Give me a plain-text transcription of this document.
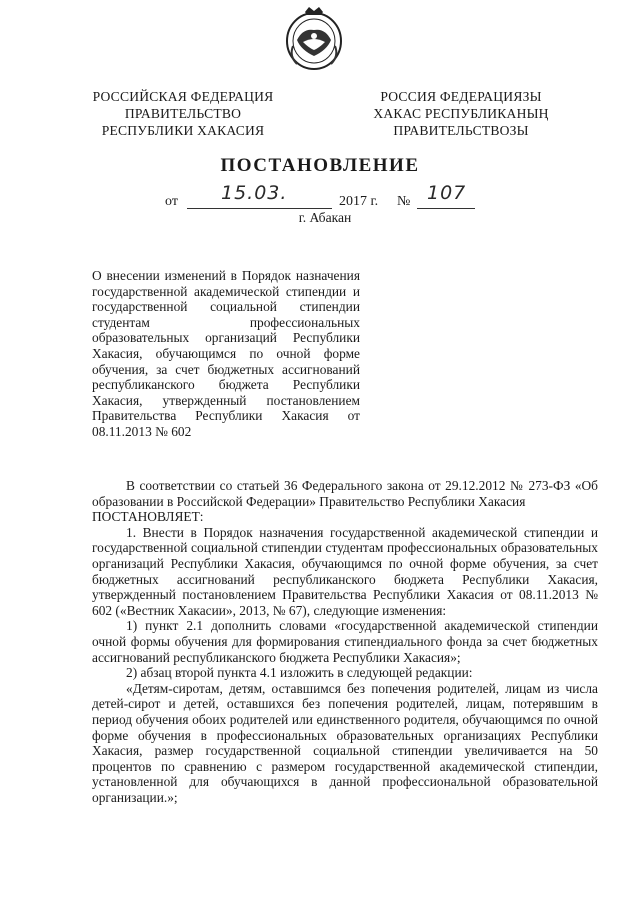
РОССИЙСКАЯ ФЕДЕРАЦИЯ
ПРАВИТЕЛЬСТВО
РЕСПУБЛИКИ ХАКАСИЯ
РОССИЯ ФЕДЕРАЦИЯЗЫ
ХАКАС РЕСПУБЛИКАНЫҢ
ПРАВИТЕЛЬСТВОЗЫ
ПОСТАНОВЛЕНИЕ
от 15.03.	2017 г. № 107
г. Абакан
О внесении изменений в Порядок назначения государственной академической стипендии и государственной социальной стипендии студентам профессиональных образовательных организаций Республики Хакасия, обучающимся по очной форме обучения, за счет бюджетных ассигнований республиканского бюджета Республики Хакасия, утвержденный постановлением Правительства Республики Хакасия от 08.11.2013 № 602

В соответствии со статьей 36 Федерального закона от 29.12.2012 № 273-ФЗ «Об образовании в Российской Федерации» Правительство Республики Хакасия

ПОСТАНОВЛЯЕТ:

1. Внести в Порядок назначения государственной академической стипендии и государственной социальной стипендии студентам профессиональных образовательных организаций Республики Хакасия, обучающимся по очной форме обучения, за счет бюджетных ассигнований республиканского бюджета Республики Хакасия, утвержденный постановлением Правительства Республики Хакасия от 08.11.2013 № 602 («Вестник Хакасии», 2013, № 67), следующие изменения:

1) пункт 2.1 дополнить словами «государственной академической стипендии очной формы обучения для формирования стипендиального фонда за счет бюджетных ассигнований республиканского бюджета Республики Хакасия»;

2) абзац второй пункта 4.1 изложить в следующей редакции:

«Детям-сиротам, детям, оставшимся без попечения родителей, лицам из числа детей-сирот и детей, оставшихся без попечения родителей, лицам, потерявшим в период обучения обоих родителей или единственного родителя, обучающимся по очной форме обучения в профессиональных образовательных организациях Республики Хакасия, размер государственной социальной стипендии увеличивается на 50 процентов по сравнению с размером государственной академической стипендии, установленной для обучающихся в данной профессиональной образовательной организации.»;
